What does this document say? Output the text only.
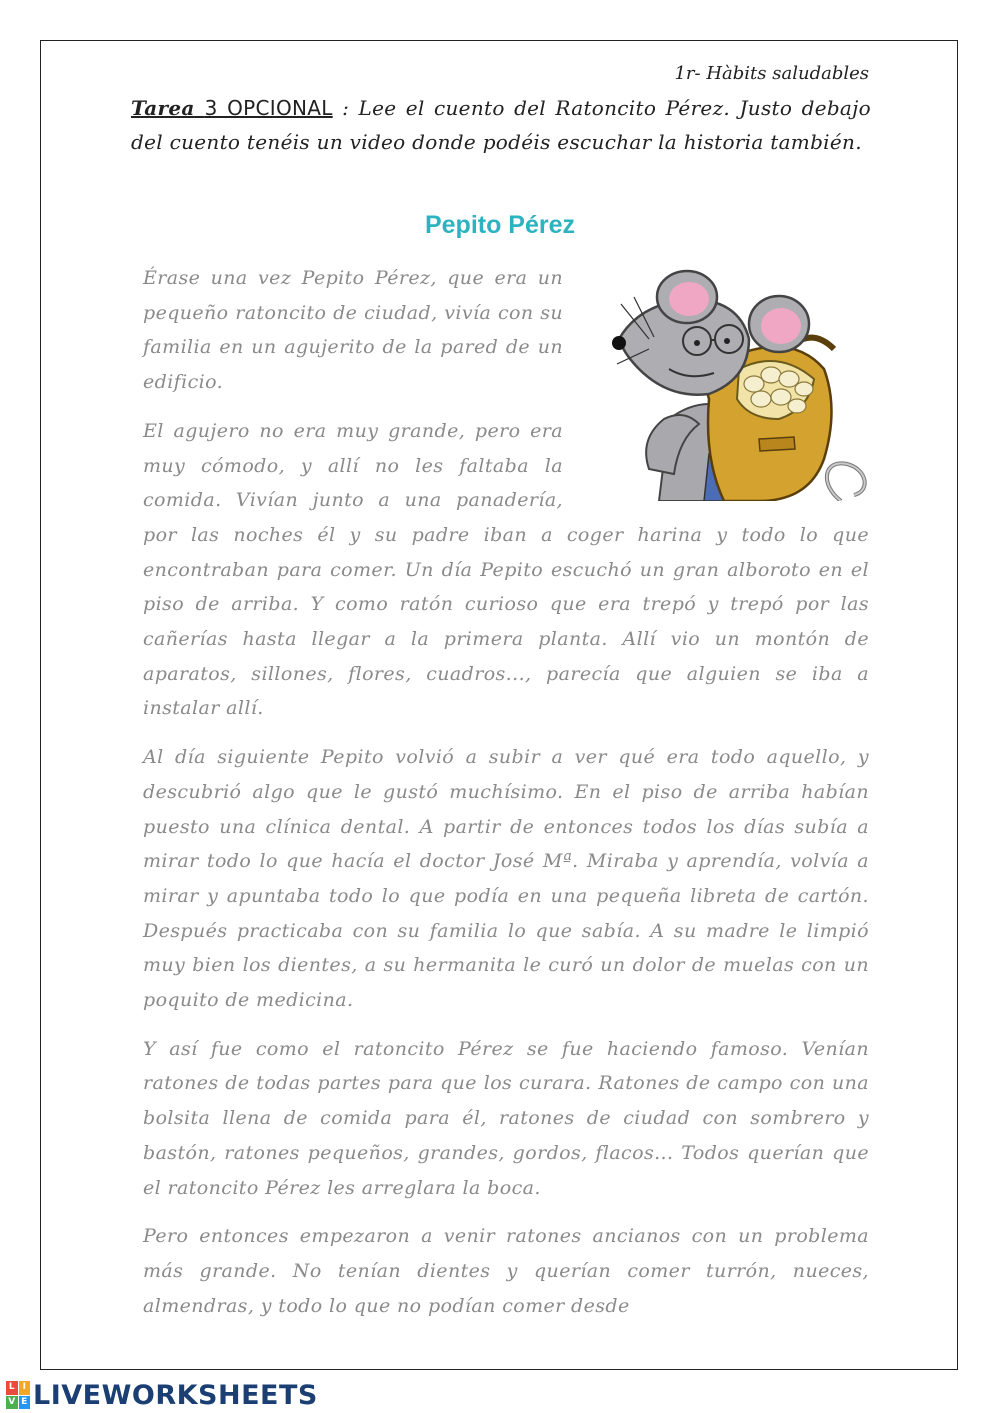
1r- Hàbits saludables
Tarea 3 OPCIONAL : Lee el cuento del Ratoncito Pérez. Justo debajo del cuento tenéis un video donde podéis escuchar la historia también.
Pepito Pérez

Érase una vez Pepito Pérez, que era un pequeño ratoncito de ciudad, vivía con su familia en un agujerito de la pared de un edificio.

El agujero no era muy grande, pero era muy cómodo, y allí no les faltaba la comida. Vivían junto a una panadería, por las noches él y su padre iban a coger harina y todo lo que encontraban para comer. Un día Pepito escuchó un gran alboroto en el piso de arriba. Y como ratón curioso que era trepó y trepó por las cañerías hasta llegar a la primera planta. Allí vio un montón de aparatos, sillones, flores, cuadros..., parecía que alguien se iba a instalar allí.

Al día siguiente Pepito volvió a subir a ver qué era todo aquello, y descubrió algo que le gustó muchísimo. En el piso de arriba habían puesto una clínica dental. A partir de entonces todos los días subía a mirar todo lo que hacía el doctor José Mª. Miraba y aprendía, volvía a mirar y apuntaba todo lo que podía en una pequeña libreta de cartón. Después practicaba con su familia lo que sabía. A su madre le limpió muy bien los dientes, a su hermanita le curó un dolor de muelas con un poquito de medicina.

Y así fue como el ratoncito Pérez se fue haciendo famoso. Venían ratones de todas partes para que los curara. Ratones de campo con una bolsita llena de comida para él, ratones de ciudad con sombrero y bastón, ratones pequeños, grandes, gordos, flacos... Todos querían que el ratoncito Pérez les arreglara la boca.

Pero entonces empezaron a venir ratones ancianos con un problema más grande. No tenían dientes y querían comer turrón, nueces, almendras, y todo lo que no podían comer desde

L I
V E LIVEWORKSHEETS
